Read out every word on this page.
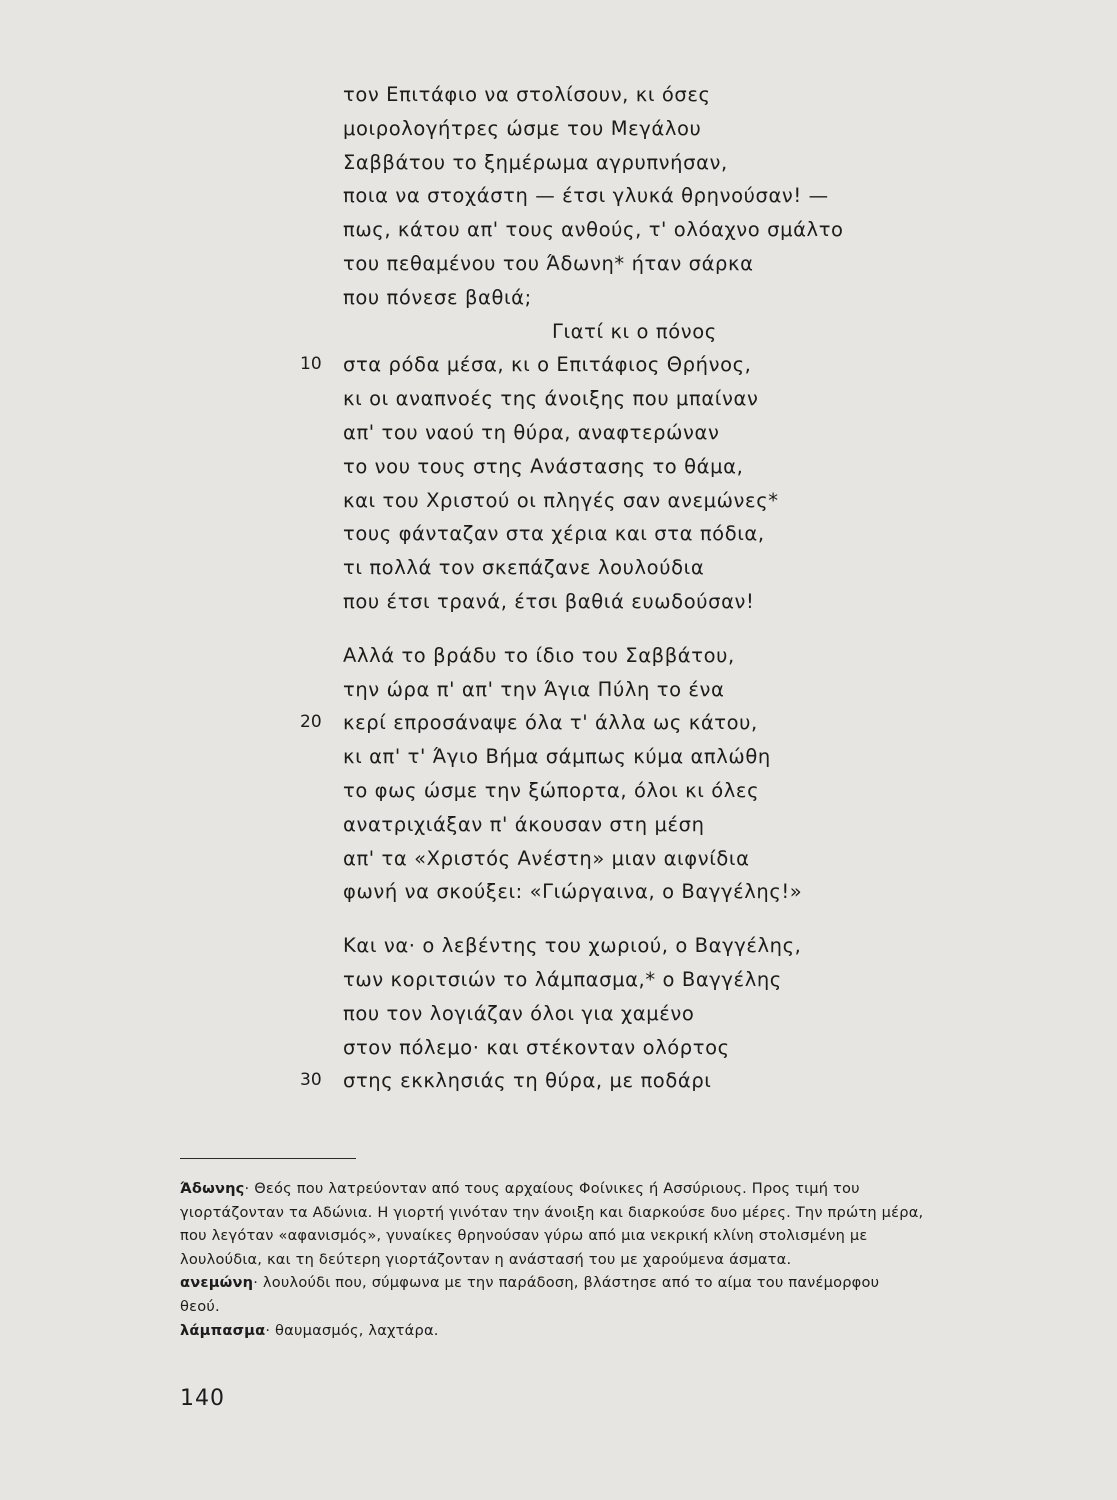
τον Επιτάφιο να στολίσουν, κι όσες
μοιρολογήτρες ώσμε του Μεγάλου
Σαββάτου το ξημέρωμα αγρυπνήσαν,
ποια να στοχάστη — έτσι γλυκά θρηνούσαν! —
πως, κάτου απ' τους ανθούς, τ' ολόαχνο σμάλτο
του πεθαμένου του Άδωνη* ήταν σάρκα
που πόνεσε βαθιά;
Γιατί κι ο πόνος
10 στα ρόδα μέσα, κι ο Επιτάφιος Θρήνος,
κι οι αναπνοές της άνοιξης που μπαίναν
απ' του ναού τη θύρα, αναφτερώναν
το νου τους στης Ανάστασης το θάμα,
και του Χριστού οι πληγές σαν ανεμώνες*
τους φάνταζαν στα χέρια και στα πόδια,
τι πολλά τον σκεπάζανε λουλούδια
που έτσι τρανά, έτσι βαθιά ευωδούσαν!
Αλλά το βράδυ το ίδιο του Σαββάτου,
την ώρα π' απ' την Άγια Πύλη το ένα
20 κερί επροσάναψε όλα τ' άλλα ως κάτου,
κι απ' τ' Άγιο Βήμα σάμπως κύμα απλώθη
το φως ώσμε την ξώπορτα, όλοι κι όλες
ανατριχιάξαν π' άκουσαν στη μέση
απ' τα «Χριστός Ανέστη» μιαν αιφνίδια
φωνή να σκούξει: «Γιώργαινα, ο Βαγγέλης!»
Και να· ο λεβέντης του χωριού, ο Βαγγέλης,
των κοριτσιών το λάμπασμα,* ο Βαγγέλης
που τον λογιάζαν όλοι για χαμένο
στον πόλεμο· και στέκονταν ολόρτος
30 στης εκκλησιάς τη θύρα, με ποδάρι
Άδωνης· Θεός που λατρεύονταν από τους αρχαίους Φοίνικες ή Ασσύριους. Προς τιμή του
γιορτάζονταν τα Αδώνια. Η γιορτή γινόταν την άνοιξη και διαρκούσε δυο μέρες. Την πρώτη μέρα,
που λεγόταν «αφανισμός», γυναίκες θρηνούσαν γύρω από μια νεκρική κλίνη στολισμένη με
λουλούδια, και τη δεύτερη γιορτάζονταν η ανάστασή του με χαρούμενα άσματα.
ανεμώνη· λουλούδι που, σύμφωνα με την παράδοση, βλάστησε από το αίμα του πανέμορφου
θεού.
λάμπασμα· θαυμασμός, λαχτάρα.
140
